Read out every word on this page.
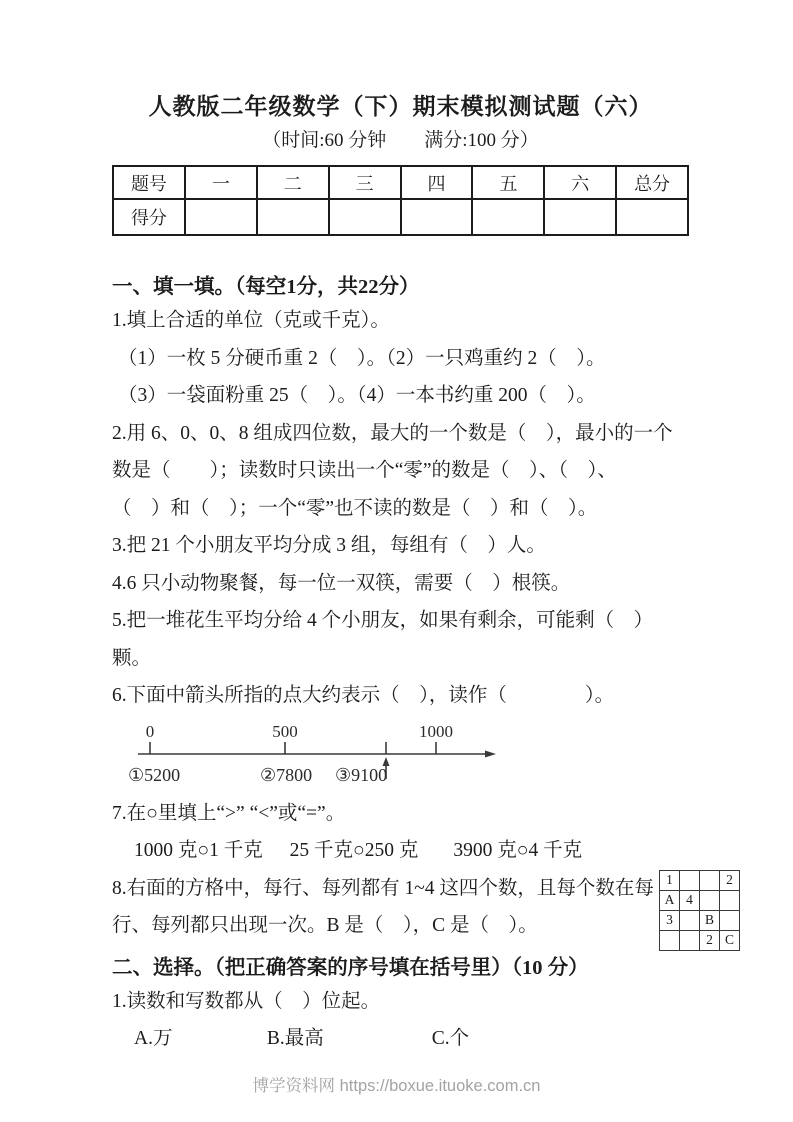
人教版二年级数学（下）期末模拟测试题（六）
（时间:60 分钟　　满分:100 分）
题号	一	二	三	四	五	六	总分
得分							
一、填一填。（每空1分，共22分）
1.填上合适的单位（克或千克）。
（1）一枚 5 分硬币重 2（　）。（2）一只鸡重约 2（　）。
（3）一袋面粉重 25（　）。（4）一本书约重 200（　）。
2.用 6、0、0、8 组成四位数，最大的一个数是（　），最小的一个
数是（　　）；读数时只读出一个“零”的数是（　）、（　）、
（　）和（　）；一个“零”也不读的数是（　）和（　）。
3.把 21 个小朋友平均分成 3 组，每组有（　）人。
4.6 只小动物聚餐，每一位一双筷，需要（　）根筷。
5.把一堆花生平均分给 4 个小朋友，如果有剩余，可能剩（　）
颗。
6.下面中箭头所指的点大约表示（　），读作（　　　　）。
0	500	1000
①5200	②7800 ③9100
7.在○里填上“>” “<”或“=”。
1000 克○1 千克 25 千克○250 克 3900 克○4 千克
8.右面的方格中，每行、每列都有 1~4 这四个数，且每个数在每
行、每列都只出现一次。B 是（　），C 是（　）。
1			2
A	4		
3		B	
		2	C
二、选择。（把正确答案的序号填在括号里）（10 分）
1.读数和写数都从（　）位起。
A.万	B.最高	C.个
博学资料网 https://boxue.ituoke.com.cn
